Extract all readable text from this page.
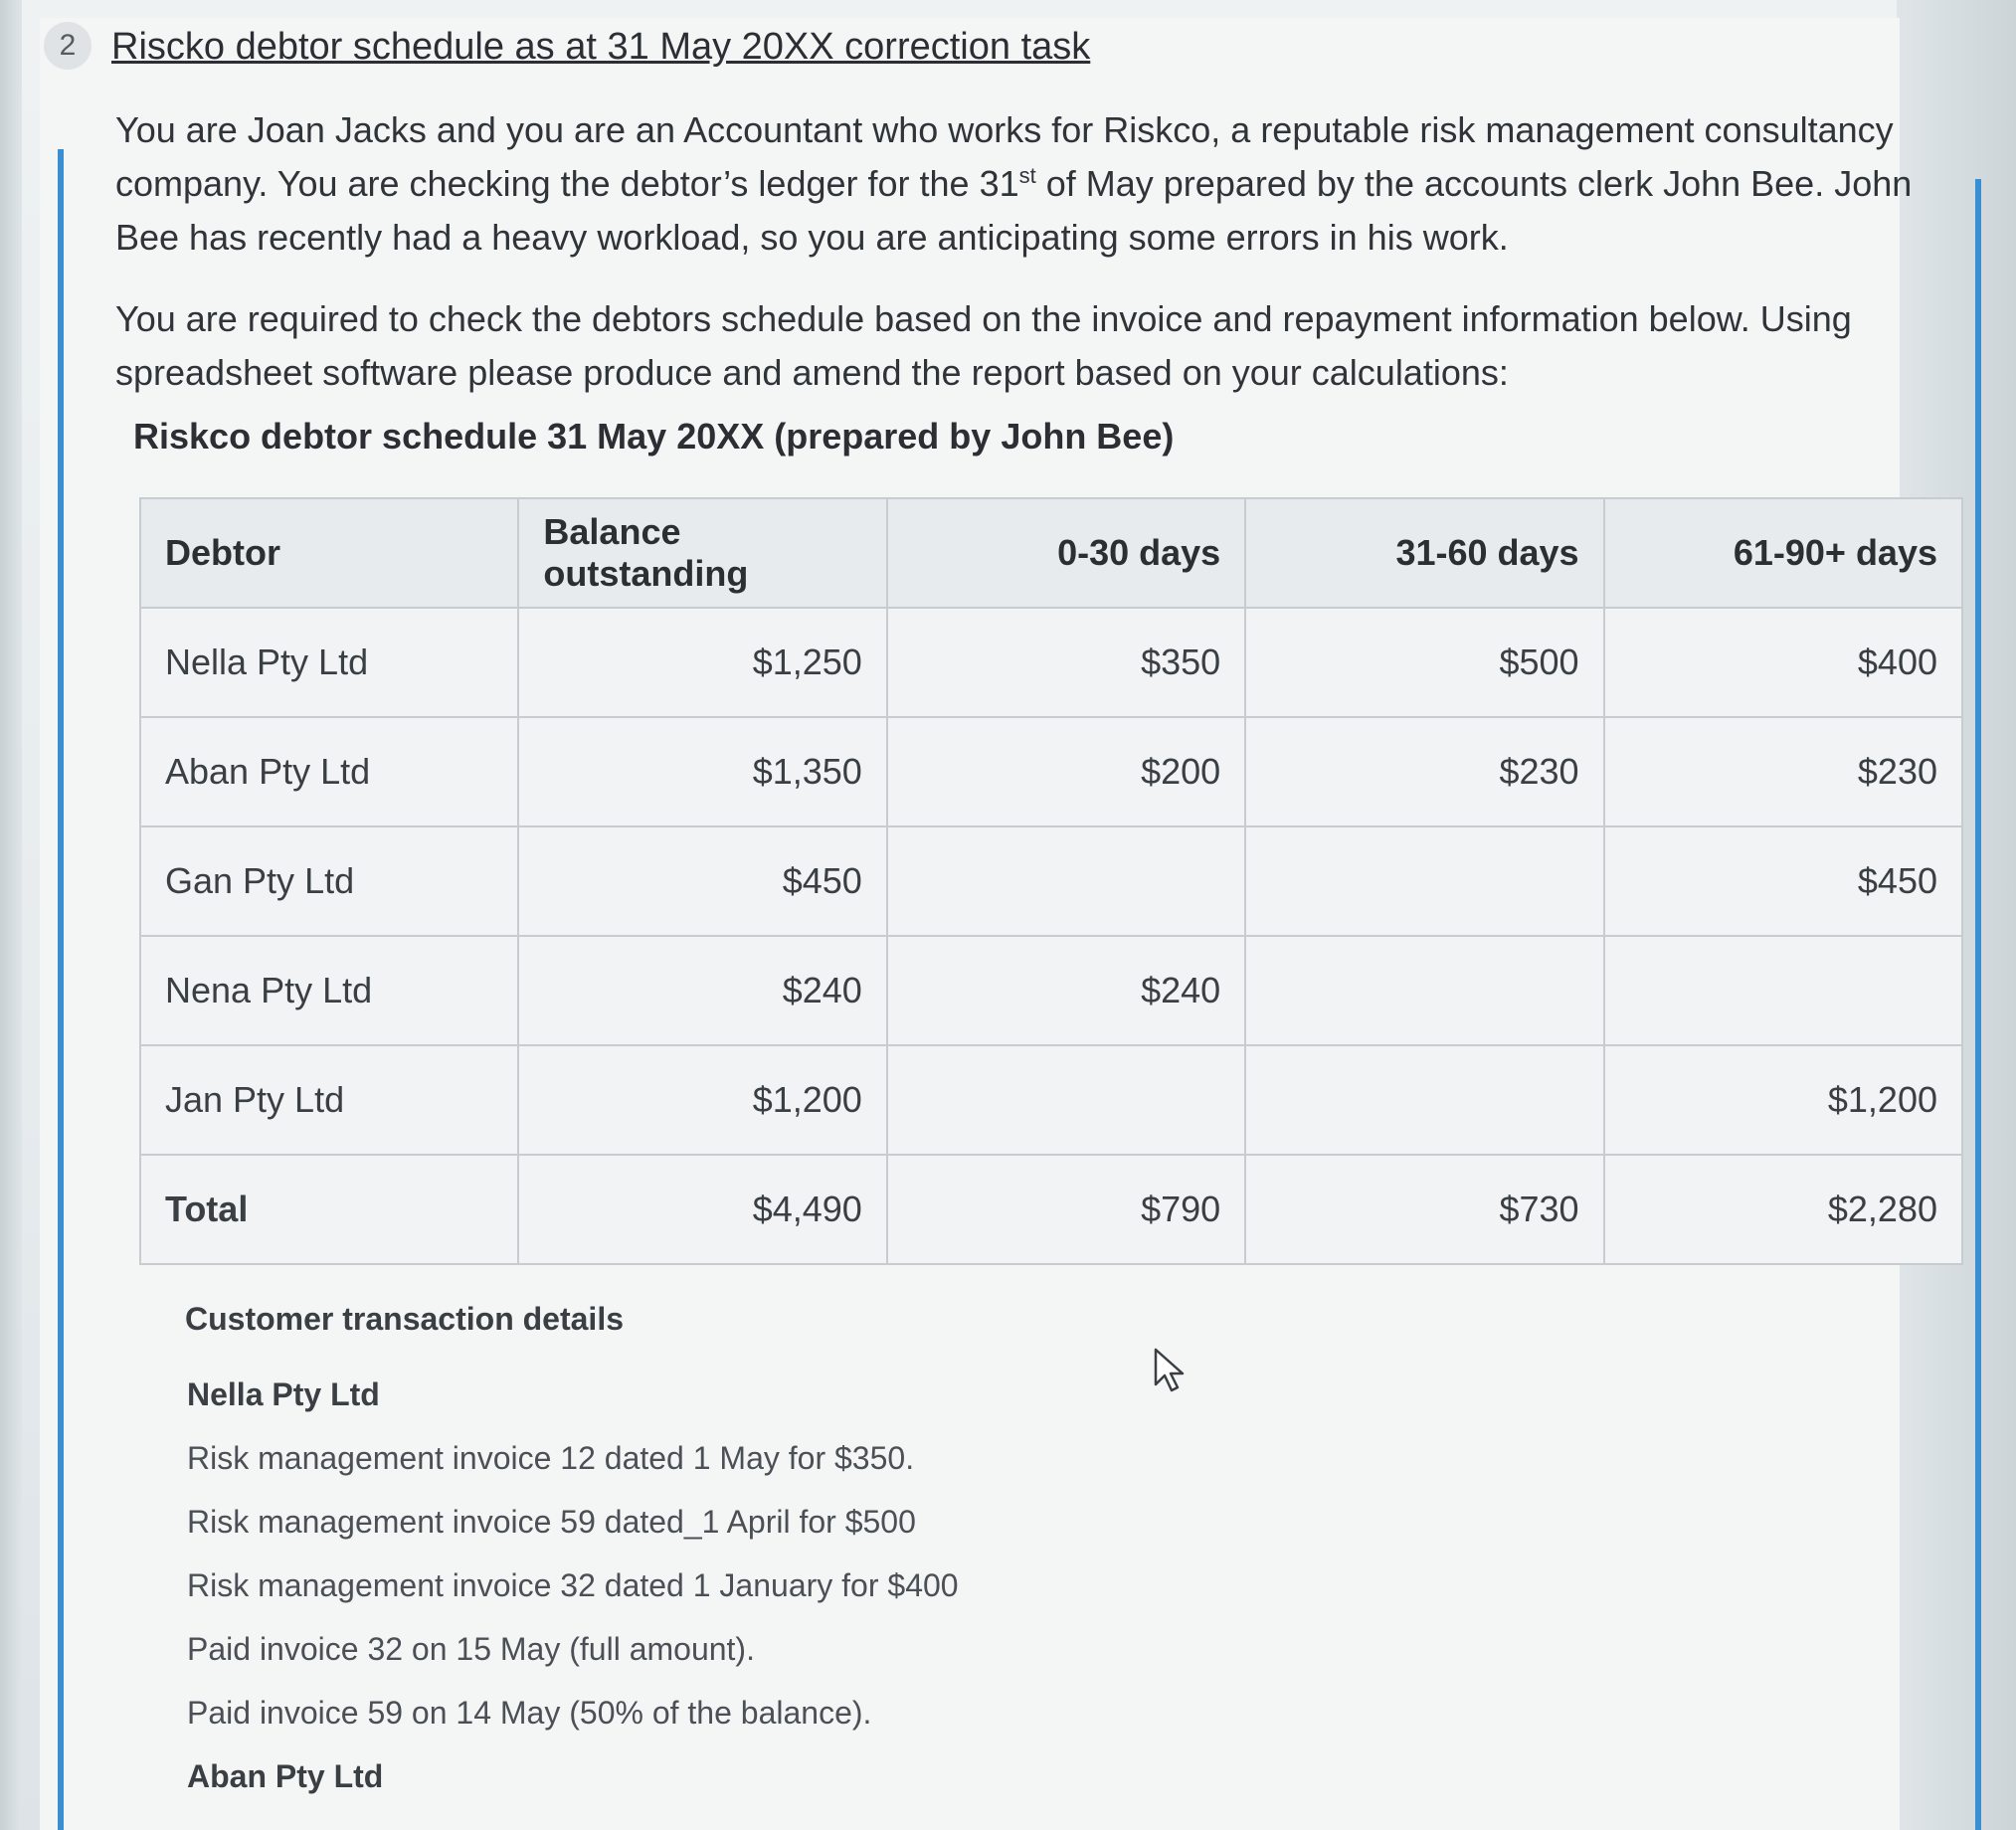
2 Riscko debtor schedule as at 31 May 20XX correction task
You are Joan Jacks and you are an Accountant who works for Riskco, a reputable risk management consultancy company. You are checking the debtor’s ledger for the 31st of May prepared by the accounts clerk John Bee. John Bee has recently had a heavy workload, so you are anticipating some errors in his work.
You are required to check the debtors schedule based on the invoice and repayment information below. Using spreadsheet software please produce and amend the report based on your calculations:
Riskco debtor schedule 31 May 20XX (prepared by John Bee)
Debtor	Balance outstanding	0-30 days	31-60 days	61-90+ days
Nella Pty Ltd	$1,250	$350	$500	$400
Aban Pty Ltd	$1,350	$200	$230	$230
Gan Pty Ltd	$450			$450
Nena Pty Ltd	$240	$240		
Jan Pty Ltd	$1,200			$1,200
Total	$4,490	$790	$730	$2,280
Customer transaction details
Nella Pty Ltd
Risk management invoice 12 dated 1 May for $350.
Risk management invoice 59 dated_1 April for $500
Risk management invoice 32 dated 1 January for $400
Paid invoice 32 on 15 May (full amount).
Paid invoice 59 on 14 May (50% of the balance).
Aban Pty Ltd
